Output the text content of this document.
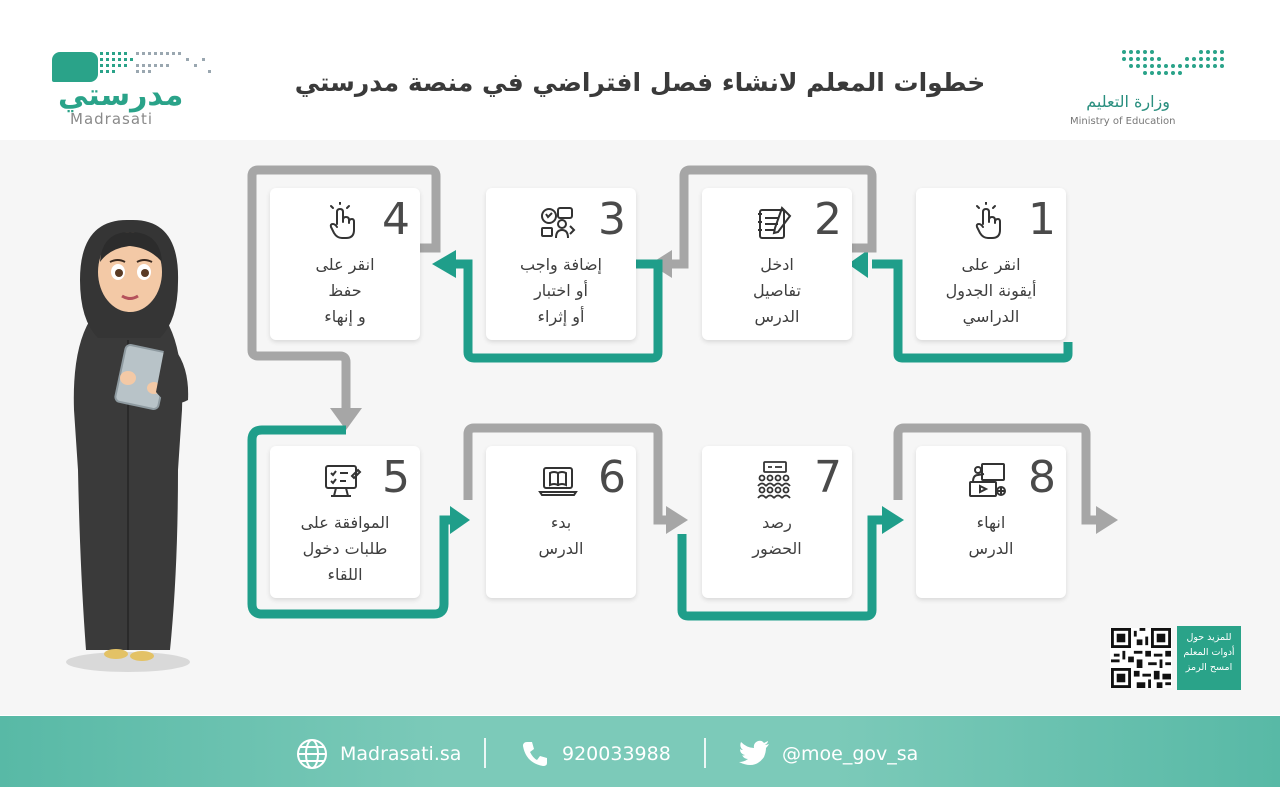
مدرستي
Madrasati
وزارة التعليم
Ministry of Education
خطوات المعلم لانشاء فصل افتراضي في منصة مدرستي
1
انقر على
أيقونة الجدول
الدراسي
2
ادخل
تفاصيل
الدرس
3
إضافة واجب
أو اختبار
أو إثراء
4
انقر على
حفظ
و إنهاء
5
الموافقة على
طلبات دخول
اللقاء
6
بدء
الدرس
7
رصد
الحضور
8
انهاء
الدرس
للمزيد حول
أدوات المعلم
امسح الرمز
Madrasati.sa	920033988	@moe_gov_sa
